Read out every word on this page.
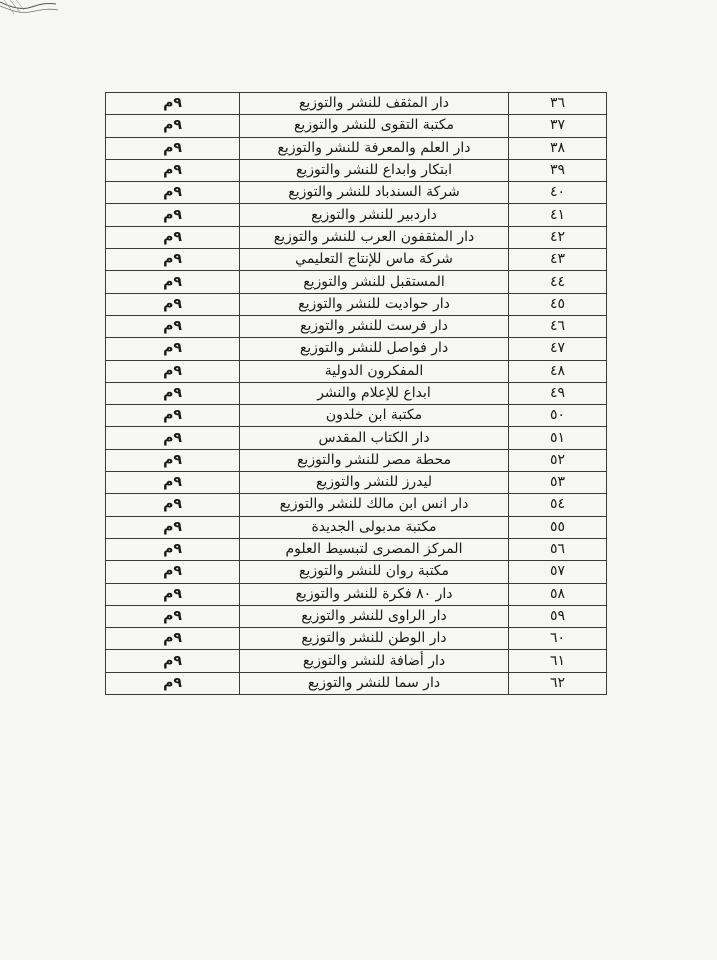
٣٦	دار المثقف للنشر والتوزيع	٩م
٣٧	مكتبة التقوى للنشر والتوزيع	٩م
٣٨	دار العلم والمعرفة للنشر والتوزيع	٩م
٣٩	ابتكار وابداع للنشر والتوزيع	٩م
٤٠	شركة السندباد للنشر والتوزيع	٩م
٤١	داردبير للنشر والتوزيع	٩م
٤٢	دار المثقفون العرب للنشر والتوزيع	٩م
٤٣	شركة ماس للإنتاج التعليمي	٩م
٤٤	المستقبل للنشر والتوزيع	٩م
٤٥	دار حواديت للنشر والتوزيع	٩م
٤٦	دار فرست للنشر والتوزيع	٩م
٤٧	دار فواصل للنشر والتوزيع	٩م
٤٨	المفكرون الدولية	٩م
٤٩	ابداع للإعلام والنشر	٩م
٥٠	مكتبة ابن خلدون	٩م
٥١	دار الكتاب المقدس	٩م
٥٢	محطة مصر للنشر والتوزيع	٩م
٥٣	ليدرز للنشر والتوزيع	٩م
٥٤	دار انس ابن مالك للنشر والتوزيع	٩م
٥٥	مكتبة مدبولى الجديدة	٩م
٥٦	المركز المصرى لتبسيط العلوم	٩م
٥٧	مكتبة روان للنشر والتوزيع	٩م
٥٨	دار ٨٠ فكرة للنشر والتوزيع	٩م
٥٩	دار الراوى للنشر والتوزيع	٩م
٦٠	دار الوطن للنشر والتوزيع	٩م
٦١	دار أضافة للنشر والتوزيع	٩م
٦٢	دار سما للنشر والتوزيع	٩م
